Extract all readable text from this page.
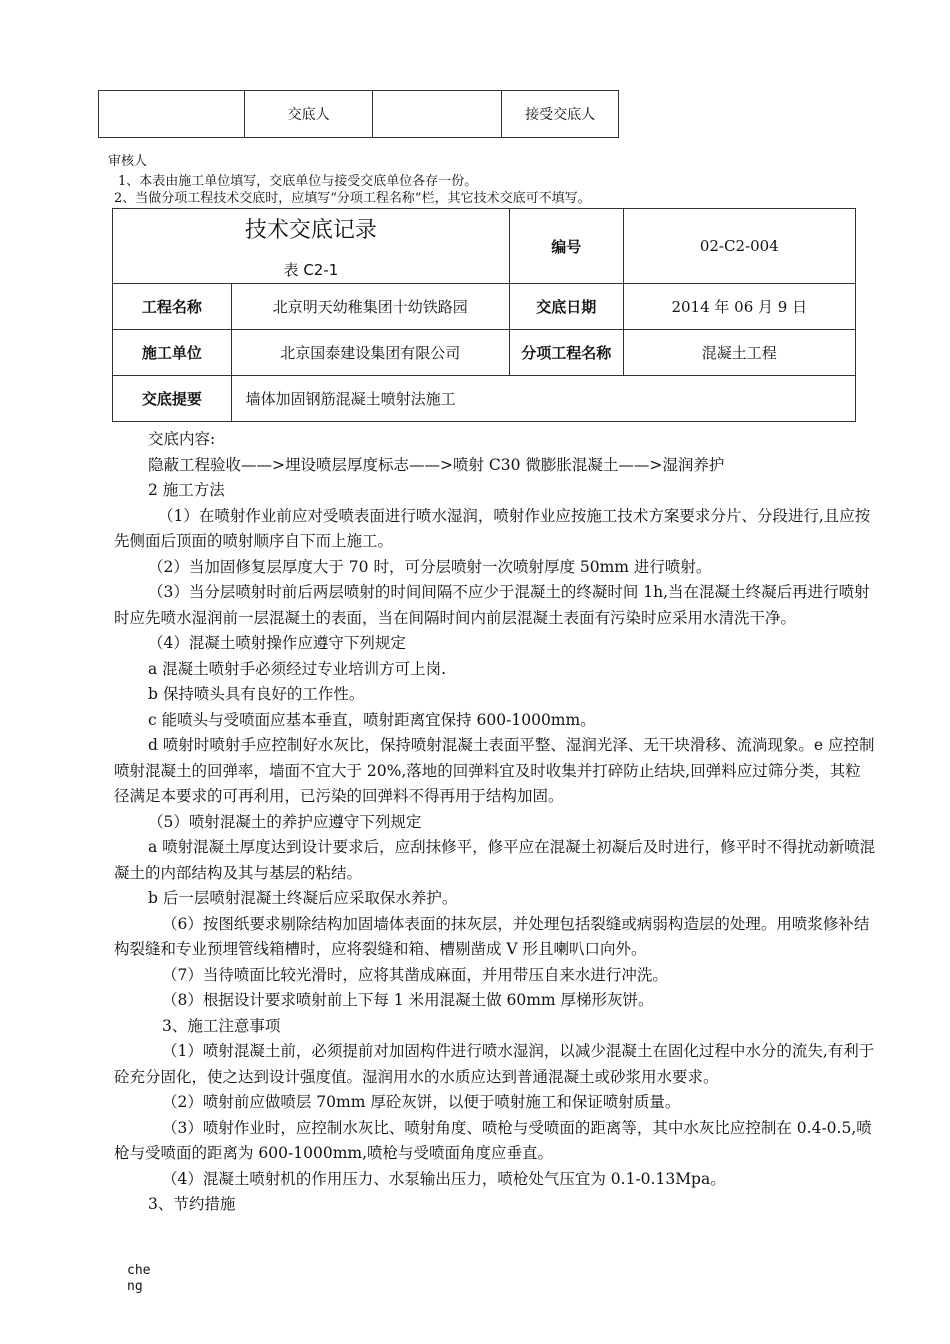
	交底人		接受交底人
审核人
1、本表由施工单位填写，交底单位与接受交底单位各存一份。
2、当做分项工程技术交底时，应填写“分项工程名称”栏，其它技术交底可不填写。
技术交底记录
表 C2-1		编号	02-C2-004
工程名称	北京明天幼稚集团十幼铁路园	交底日期	2014 年 06 月 9 日
施工单位	北京国泰建设集团有限公司	分项工程名称	混凝土工程
交底提要	墙体加固钢筋混凝土喷射法施工		

交底内容:

隐蔽工程验收——>埋设喷层厚度标志——>喷射 C30 微膨胀混凝土——>湿润养护

2 施工方法

（1）在喷射作业前应对受喷表面进行喷水湿润，喷射作业应按施工技术方案要求分片、分段进行,且应按先侧面后顶面的喷射顺序自下而上施工。

（2）当加固修复层厚度大于 70 时，可分层喷射一次喷射厚度 50mm 进行喷射。

（3）当分层喷射时前后两层喷射的时间间隔不应少于混凝土的终凝时间 1h,当在混凝土终凝后再进行喷射时应先喷水湿润前一层混凝土的表面，当在间隔时间内前层混凝土表面有污染时应采用水清洗干净。

（4）混凝土喷射操作应遵守下列规定

a 混凝土喷射手必须经过专业培训方可上岗.

b 保持喷头具有良好的工作性。

c 能喷头与受喷面应基本垂直，喷射距离宜保持 600-1000mm。

d 喷射时喷射手应控制好水灰比，保持喷射混凝土表面平整、湿润光泽、无干块滑移、流淌现象。e 应控制喷射混凝土的回弹率，墙面不宜大于 20%,落地的回弹料宜及时收集并打碎防止结块,回弹料应过筛分类，其粒径满足本要求的可再利用，已污染的回弹料不得再用于结构加固。

（5）喷射混凝土的养护应遵守下列规定

a 喷射混凝土厚度达到设计要求后，应刮抹修平，修平应在混凝土初凝后及时进行，修平时不得扰动新喷混凝土的内部结构及其与基层的粘结。

b 后一层喷射混凝土终凝后应采取保水养护。

（6）按图纸要求剔除结构加固墙体表面的抹灰层，并处理包括裂缝或病弱构造层的处理。用喷浆修补结构裂缝和专业预埋管线箱槽时，应将裂缝和箱、槽剔凿成 V 形且喇叭口向外。

（7）当待喷面比较光滑时，应将其凿成麻面，并用带压自来水进行冲洗。

（8）根据设计要求喷射前上下每 1 米用混凝土做 60mm 厚梯形灰饼。

3、施工注意事项

（1）喷射混凝土前，必须提前对加固构件进行喷水湿润，以减少混凝土在固化过程中水分的流失,有利于砼充分固化，使之达到设计强度值。湿润用水的水质应达到普通混凝土或砂浆用水要求。

（2）喷射前应做喷层 70mm 厚砼灰饼，以便于喷射施工和保证喷射质量。

（3）喷射作业时，应控制水灰比、喷射角度、喷枪与受喷面的距离等，其中水灰比应控制在 0.4-0.5,喷枪与受喷面的距离为 600-1000mm,喷枪与受喷面角度应垂直。

（4）混凝土喷射机的作用压力、水泵输出压力，喷枪处气压宜为 0.1-0.13Mpa。

3、节约措施

cheng
